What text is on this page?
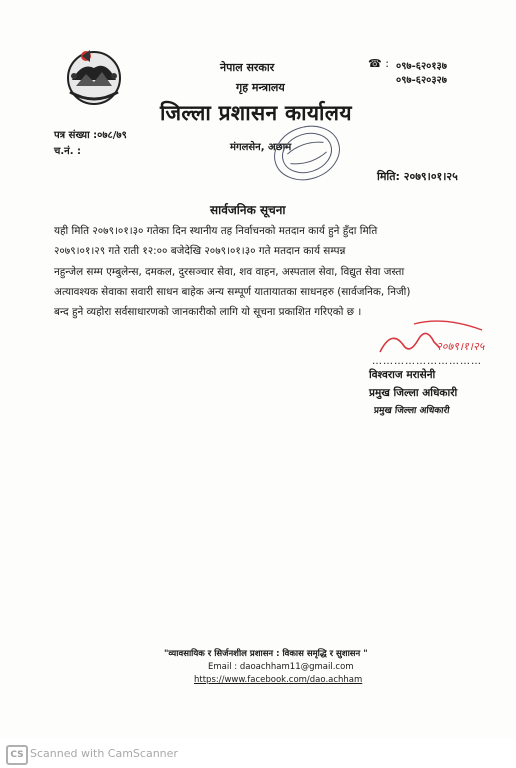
नेपाल सरकार
गृह मन्त्रालय
जिल्ला प्रशासन कार्यालय
मंगलसेन, अछाम
☎ : ०९७-६२०१३७
०९७-६२०३२७
पत्र संख्या :०७८/७९
च.नं. :
मिति: २०७९।०१।२५
सार्वजनिक सूचना
यही मिति २०७९।०१।३० गतेका दिन स्थानीय तह निर्वाचनको मतदान कार्य हुने हुँदा मिति
२०७९।०१।२९ गते राती १२:०० बजेदेखि २०७९।०१।३० गते मतदान कार्य सम्पन्न
नहुन्जेल सम्म एम्बुलेन्स, दमकल, दुरसञ्चार सेवा, शव वाहन, अस्पताल सेवा, विद्युत सेवा जस्ता
अत्यावश्यक सेवाका सवारी साधन बाहेक अन्य सम्पूर्ण यातायातका साधनहरु (सार्वजनिक, निजी)
बन्द हुने व्यहोरा सर्वसाधारणको जानकारीको लागि यो सूचना प्रकाशित गरिएको छ ।
२०७९।१।२५
…………………………
विश्वराज मरासेनी
प्रमुख जिल्ला अधिकारी
प्रमुख जिल्ला अधिकारी
"व्यावसायिक र सिर्जनशील प्रशासन : विकास समृद्धि र सुशासन "
Email : daoachham11@gmail.com
https://www.facebook.com/dao.achham
CS Scanned with CamScanner
